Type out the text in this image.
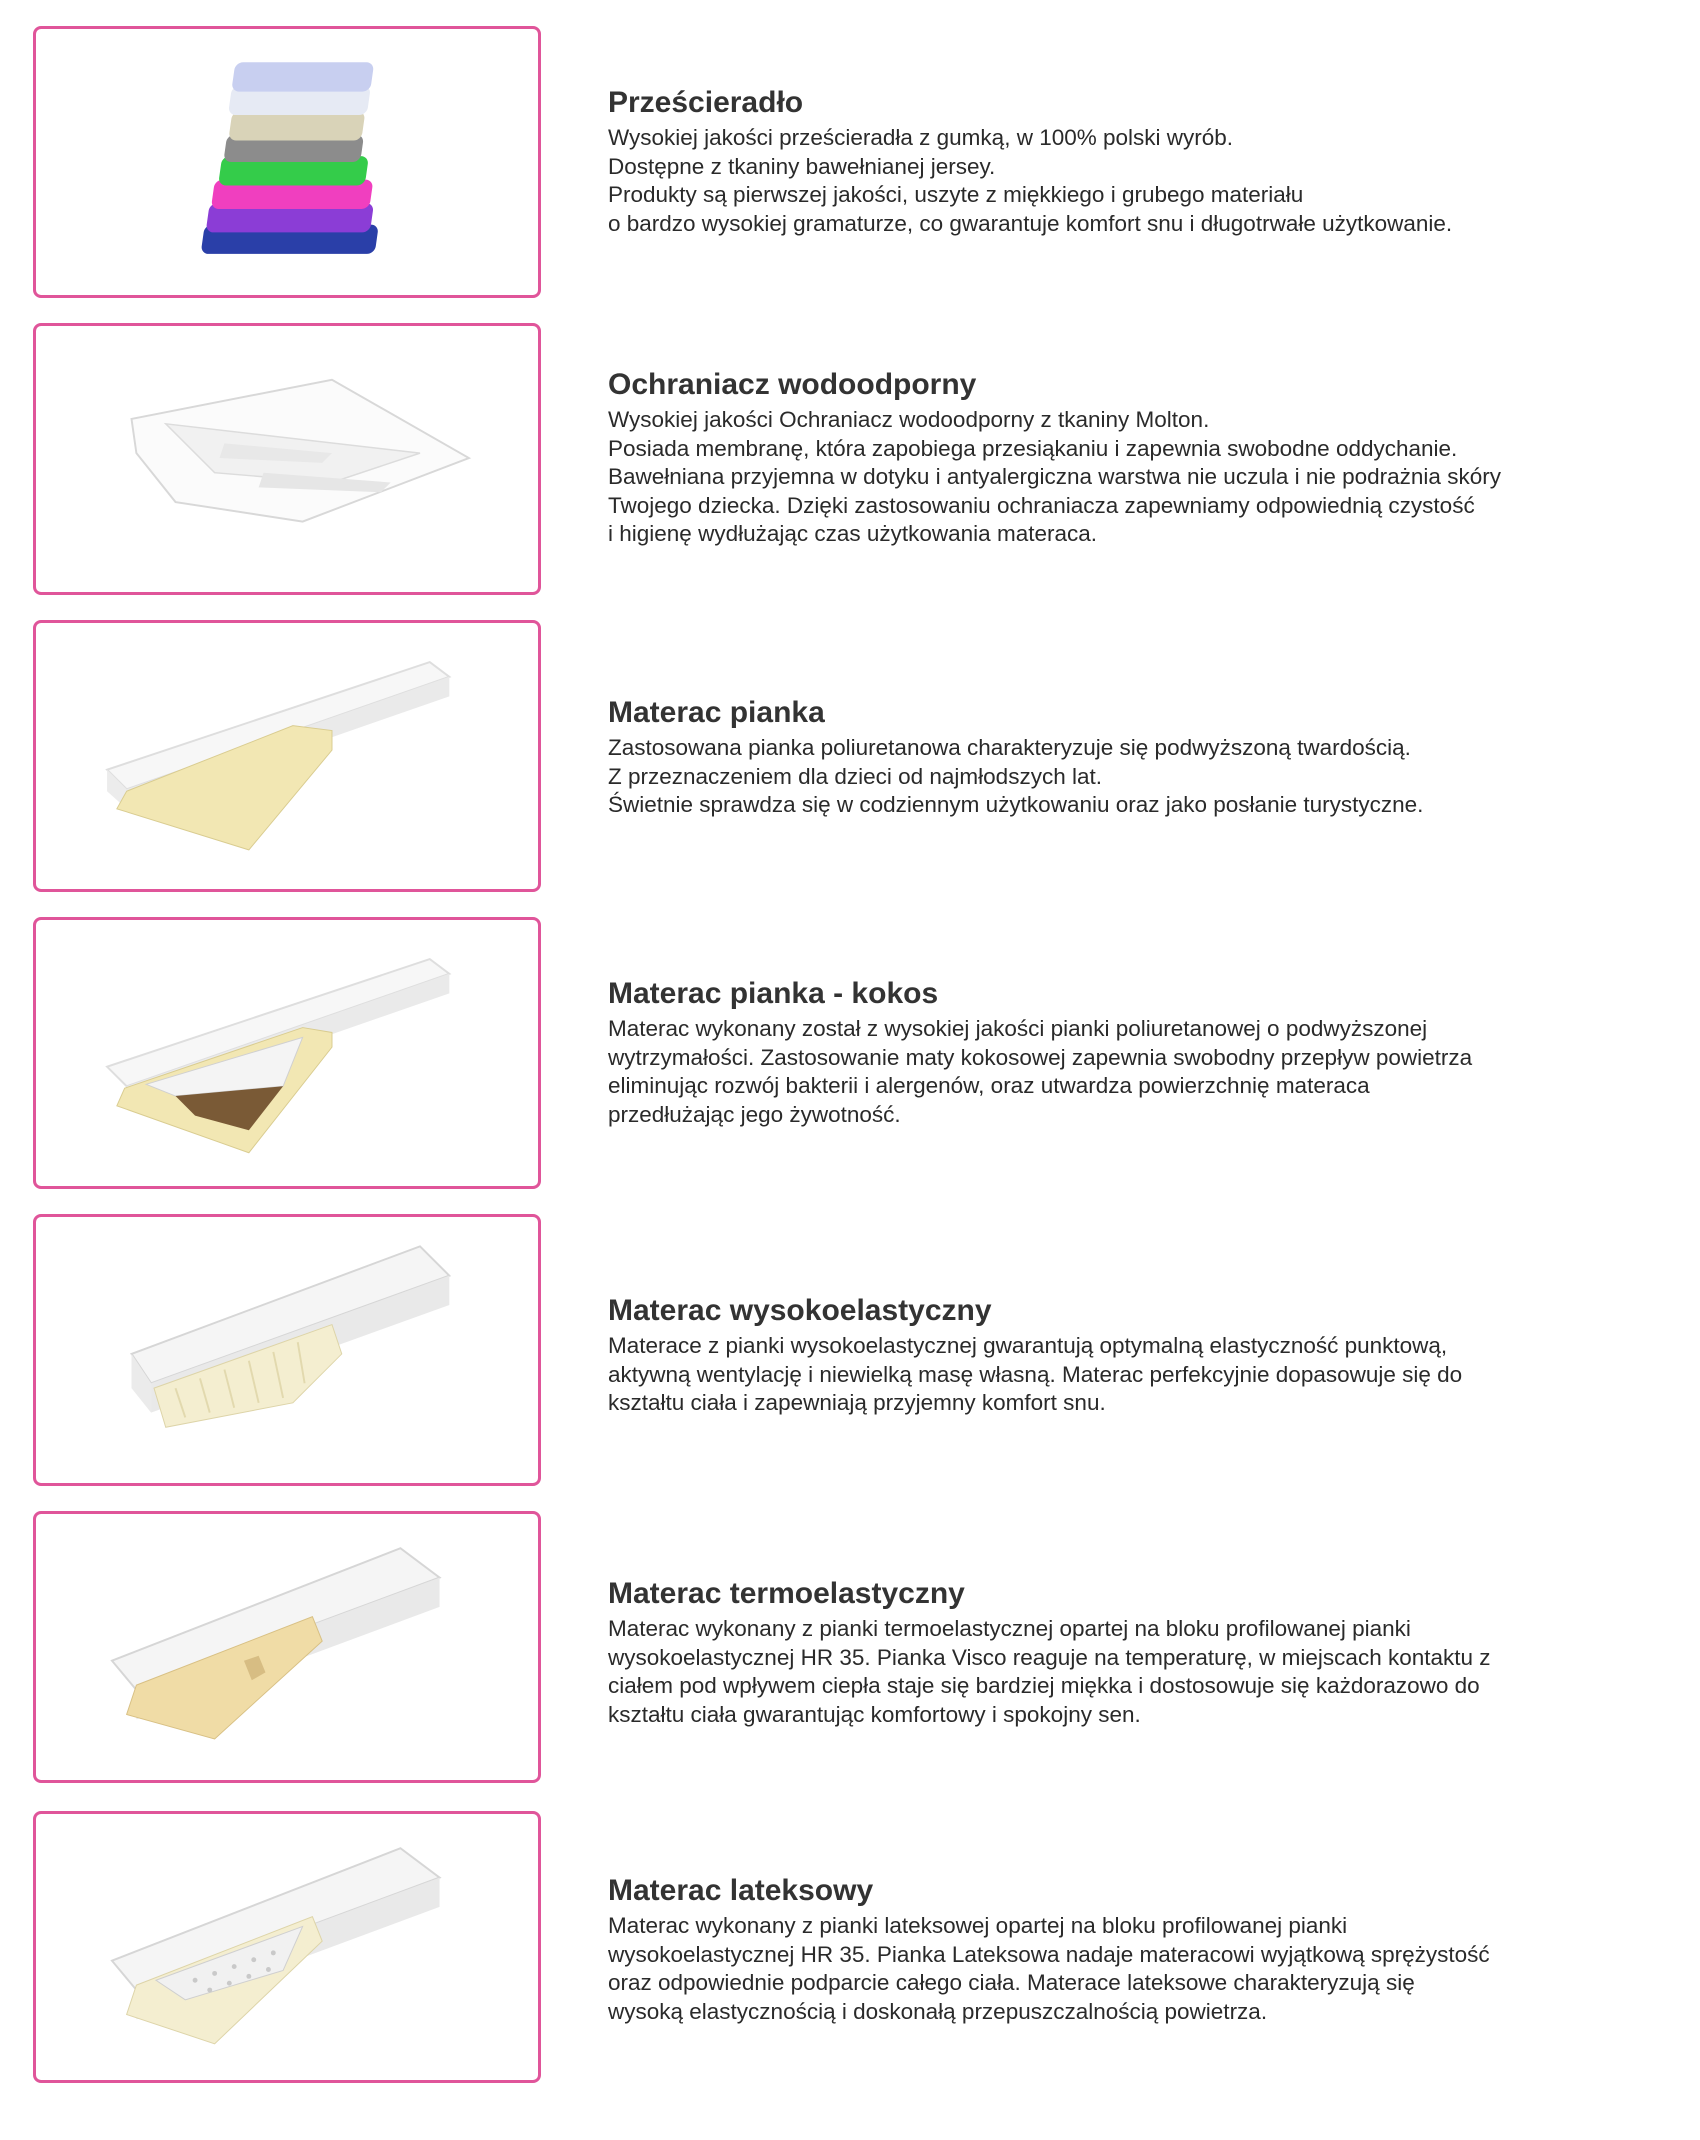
Prześcieradło

Wysokiej jakości prześcieradła z gumką, w 100% polski wyrób.
Dostępne z tkaniny bawełnianej jersey.
Produkty są pierwszej jakości, uszyte z miękkiego i grubego materiału
o bardzo wysokiej gramaturze, co gwarantuje komfort snu i długotrwałe użytkowanie.

Ochraniacz wodoodporny

Wysokiej jakości Ochraniacz wodoodporny z tkaniny Molton.
Posiada membranę, która zapobiega przesiąkaniu i zapewnia swobodne oddychanie.
Bawełniana przyjemna w dotyku i antyalergiczna warstwa nie uczula i nie podrażnia skóry
Twojego dziecka. Dzięki zastosowaniu ochraniacza zapewniamy odpowiednią czystość
i higienę wydłużając czas użytkowania materaca.

Materac pianka

Zastosowana pianka poliuretanowa charakteryzuje się podwyższoną twardością.
Z przeznaczeniem dla dzieci od najmłodszych lat.
Świetnie sprawdza się w codziennym użytkowaniu oraz jako posłanie turystyczne.

Materac pianka - kokos

Materac wykonany został z wysokiej jakości pianki poliuretanowej o podwyższonej
wytrzymałości. Zastosowanie maty kokosowej zapewnia swobodny przepływ powietrza
eliminując rozwój bakterii i alergenów, oraz utwardza powierzchnię materaca
przedłużając jego żywotność.

Materac wysokoelastyczny

Materace z pianki wysokoelastycznej gwarantują optymalną elastyczność punktową,
aktywną wentylację i niewielką masę własną. Materac perfekcyjnie dopasowuje się do
kształtu ciała i zapewniają przyjemny komfort snu.

Materac termoelastyczny

Materac wykonany z pianki termoelastycznej opartej na bloku profilowanej pianki
wysokoelastycznej HR 35. Pianka Visco reaguje na temperaturę, w miejscach kontaktu z
ciałem pod wpływem ciepła staje się bardziej miękka i dostosowuje się każdorazowo do
kształtu ciała gwarantując komfortowy i spokojny sen.

Materac lateksowy

Materac wykonany z pianki lateksowej opartej na bloku profilowanej pianki
wysokoelastycznej HR 35. Pianka Lateksowa nadaje materacowi wyjątkową sprężystość
oraz odpowiednie podparcie całego ciała. Materace lateksowe charakteryzują się
wysoką elastycznością i doskonałą przepuszczalnością powietrza.
